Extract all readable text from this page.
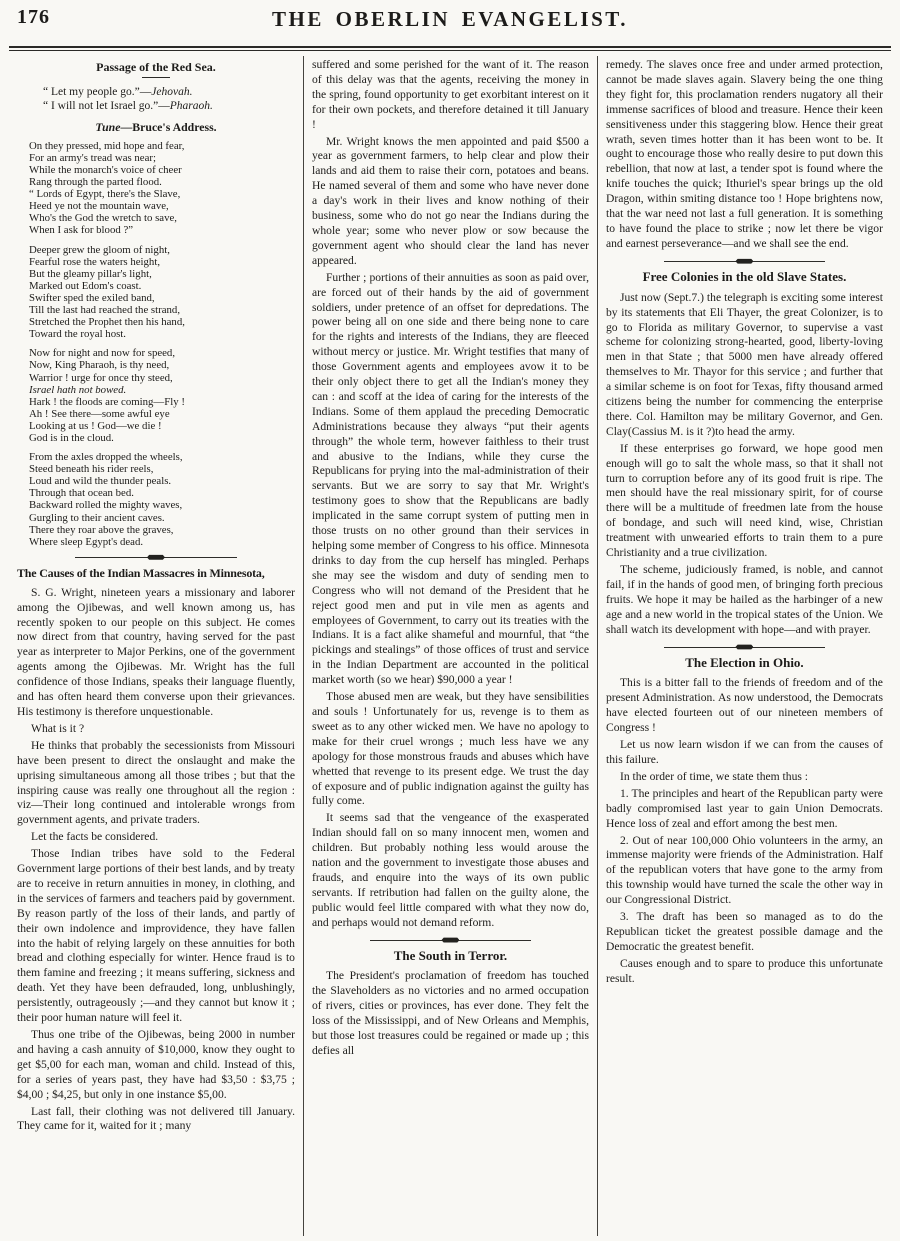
176	THE OBERLIN EVANGELIST.
Passage of the Red Sea.
“ Let my people go.”—Jehovah.
“ I will not let Israel go.”—Pharaoh.
Tune—Bruce's Address.
On they pressed, mid hope and fear,
For an army's tread was near;
While the monarch's voice of cheer
Rang through the parted flood.
“ Lords of Egypt, there's the Slave,
Heed ye not the mountain wave,
Who's the God the wretch to save,
When I ask for blood ?”
Deeper grew the gloom of night,
Fearful rose the waters height,
But the gleamy pillar's light,
Marked out Edom's coast.
Swifter sped the exiled band,
Till the last had reached the strand,
Stretched the Prophet then his hand,
Toward the royal host.
Now for night and now for speed,
Now, King Pharaoh, is thy need,
Warrior ! urge for once thy steed,
Israel hath not bowed.
Hark ! the floods are coming—Fly !
Ah ! See there—some awful eye
Looking at us ! God—we die !
God is in the cloud.
From the axles dropped the wheels,
Steed beneath his rider reels,
Loud and wild the thunder peals.
Through that ocean bed.
Backward rolled the mighty waves,
Gurgling to their ancient caves.
There they roar above the graves,
Where sleep Egypt's dead.
The Causes of the Indian Massacres in Minnesota,

S. G. Wright, nineteen years a missionary and laborer among the Ojibewas, and well known among us, has recently spoken to our people on this subject. He comes now direct from that country, having served for the past year as interpreter to Major Perkins, one of the government agents among the Ojibewas. Mr. Wright has the full confidence of those Indians, speaks their language fluently, and has often heard them converse upon their grievances. His testimony is therefore unquestionable.

What is it ?

He thinks that probably the secessionists from Missouri have been present to direct the onslaught and make the uprising simultaneous among all those tribes ; but that the inspiring cause was really one throughout all the region : viz—Their long continued and intolerable wrongs from government agents, and private traders.

Let the facts be considered.

Those Indian tribes have sold to the Federal Government large portions of their best lands, and by treaty are to receive in return annuities in money, in clothing, and in the services of farmers and teachers paid by government. By reason partly of the loss of their lands, and partly of their own indolence and improvidence, they have fallen into the habit of relying largely on these annuities for both bread and clothing especially for winter. Hence fraud is to them famine and freezing ; it means suffering, sickness and death. Yet they have been defrauded, long, unblushingly, persistently, outrageously ;—and they cannot but know it ; their poor human nature will feel it.

Thus one tribe of the Ojibewas, being 2000 in number and having a cash annuity of $10,000, know they ought to get $5,00 for each man, woman and child. Instead of this, for a series of years past, they have had $3,50 : $3,75 ; $4,00 ; $4,25, but only in one instance $5,00.

Last fall, their clothing was not delivered till January. They came for it, waited for it ; many

suffered and some perished for the want of it. The reason of this delay was that the agents, receiving the money in the spring, found opportunity to get exorbitant interest on it for their own pockets, and therefore detained it till January !

Mr. Wright knows the men appointed and paid $500 a year as government farmers, to help clear and plow their lands and aid them to raise their corn, potatoes and beans. He named several of them and some who have never done a day's work in their lives and know nothing of their business, some who do not go near the Indians during the whole year; some who never plow or sow because the government agent who should clear the land has never appeared.

Further ; portions of their annuities as soon as paid over, are forced out of their hands by the aid of government soldiers, under pretence of an offset for depredations. The power being all on one side and there being none to care for the rights and interests of the Indians, they are fleeced without mercy or justice. Mr. Wright testifies that many of those Government agents and employees avow it to be their only object there to get all the Indian's money they can : and scoff at the idea of caring for the interests of the Indians. Some of them applaud the preceding Democratic Administrations because they always “put their agents through” the whole term, however faithless to their trust and abusive to the Indians, while they curse the Republicans for prying into the mal-administration of their servants. But we are sorry to say that Mr. Wright's testimony goes to show that the Republicans are badly implicated in the same corrupt system of putting men in those trusts on no other ground than their services in helping some member of Congress to his office. Minnesota drinks to day from the cup herself has mingled. Perhaps she may see the wisdom and duty of sending men to Congress who will not demand of the President that he reject good men and put in vile men as agents and employees of Government, to carry out its treaties with the Indians. It is a fact alike shameful and mournful, that “the pickings and stealings” of those offices of trust and service in the Indian Department are accounted in the political market worth (so we hear) $90,000 a year !

Those abused men are weak, but they have sensibilities and souls ! Unfortunately for us, revenge is to them as sweet as to any other wicked men. We have no apology to make for their cruel wrongs ; much less have we any apology for those monstrous frauds and abuses which have whetted that revenge to its present edge. We trust the day of exposure and of public indignation against the guilty has fully come.

It seems sad that the vengeance of the exasperated Indian should fall on so many innocent men, women and children. But probably nothing less would arouse the nation and the government to investigate those abuses and frauds, and enquire into the ways of its own public servants. If retribution had fallen on the guilty alone, the public would feel little compared with what they now do, and perhaps would not demand reform.

The South in Terror.

The President's proclamation of freedom has touched the Slaveholders as no victories and no armed occupation of rivers, cities or provinces, has ever done. They felt the loss of the Mississippi, and of New Orleans and Memphis, but those lost treasures could be regained or made up ; this defies all

remedy. The slaves once free and under armed protection, cannot be made slaves again. Slavery being the one thing they fight for, this proclamation renders nugatory all their immense sacrifices of blood and treasure. Hence their keen sensitiveness under this staggering blow. Hence their great wrath, seven times hotter than it has been wont to be. It ought to encourage those who really desire to put down this rebellion, that now at last, a tender spot is found where the knife touches the quick; Ithuriel's spear brings up the old Dragon, within smiting distance too ! Hope brightens now, that the war need not last a full generation. It is something to have found the place to strike ; now let there be vigor and earnest perseverance—and we shall see the end.

Free Colonies in the old Slave States.

Just now (Sept.7.) the telegraph is exciting some interest by its statements that Eli Thayer, the great Colonizer, is to go to Florida as military Governor, to supervise a vast scheme for colonizing strong-hearted, good, liberty-loving men in that State ; that 5000 men have already offered themselves to Mr. Thayor for this service ; and further that a similar scheme is on foot for Texas, fifty thousand armed citizens being the number for commencing the enterprise there. Col. Hamilton may be military Governor, and Gen. Clay(Cassius M. is it ?)to head the army.

If these enterprises go forward, we hope good men enough will go to salt the whole mass, so that it shall not turn to corruption before any of its good fruit is ripe. The men should have the real missionary spirit, for of course there will be a multitude of freedmen late from the house of bondage, and such will need kind, wise, Christian treatment with unwearied efforts to train them to a pure Christianity and a true civilization.

The scheme, judiciously framed, is noble, and cannot fail, if in the hands of good men, of bringing forth precious fruits. We hope it may be hailed as the harbinger of a new age and a new world in the tropical states of the Union. We shall watch its development with hope—and with prayer.

The Election in Ohio.

This is a bitter fall to the friends of freedom and of the present Administration. As now understood, the Democrats have elected fourteen out of our nineteen members of Congress !

Let us now learn wisdon if we can from the causes of this failure.

In the order of time, we state them thus :

1. The principles and heart of the Republican party were badly compromised last year to gain Union Democrats. Hence loss of zeal and effort among the best men.

2. Out of near 100,000 Ohio volunteers in the army, an immense majority were friends of the Administration. Half of the republican voters that have gone to the army from this township would have turned the scale the other way in our Congressional District.

3. The draft has been so managed as to do the Republican ticket the greatest possible damage and the Democratic the greatest benefit.

Causes enough and to spare to produce this unfortunate result.
